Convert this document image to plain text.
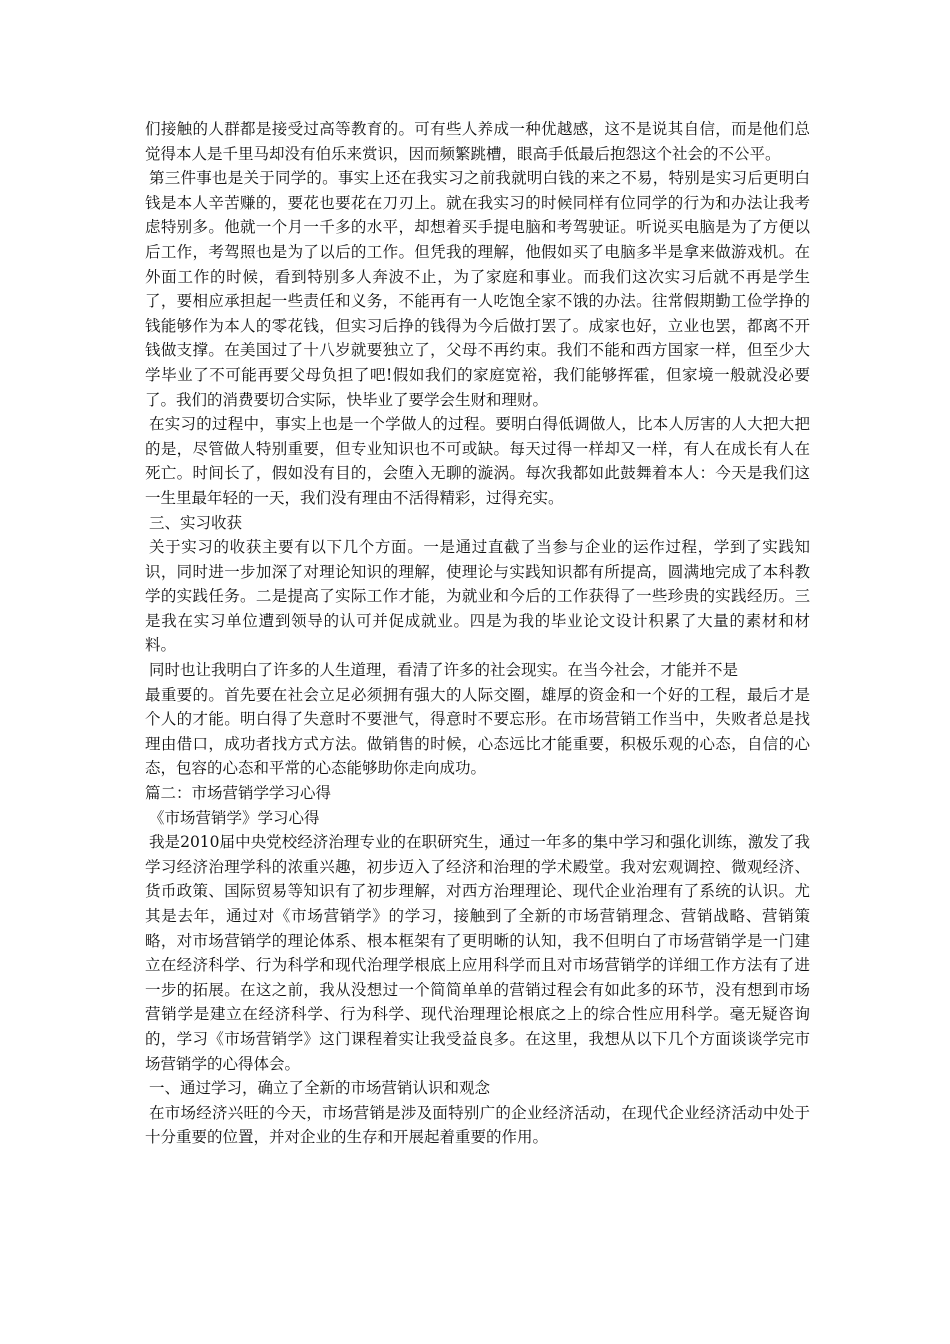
们接触的人群都是接受过高等教育的。可有些人养成一种优越感，这不是说其自信，而是他们总觉得本人是千里马却没有伯乐来赏识，因而频繁跳槽，眼高手低最后抱怨这个社会的不公平。

第三件事也是关于同学的。事实上还在我实习之前我就明白钱的来之不易，特别是实习后更明白钱是本人辛苦赚的，要花也要花在刀刃上。就在我实习的时候同样有位同学的行为和办法让我考虑特别多。他就一个月一千多的水平，却想着买手提电脑和考驾驶证。听说买电脑是为了方便以后工作，考驾照也是为了以后的工作。但凭我的理解，他假如买了电脑多半是拿来做游戏机。在外面工作的时候，看到特别多人奔波不止，为了家庭和事业。而我们这次实习后就不再是学生了，要相应承担起一些责任和义务，不能再有一人吃饱全家不饿的办法。往常假期勤工俭学挣的钱能够作为本人的零花钱，但实习后挣的钱得为今后做打罢了。成家也好，立业也罢，都离不开钱做支撑。在美国过了十八岁就要独立了，父母不再约束。我们不能和西方国家一样，但至少大学毕业了不可能再要父母负担了吧!假如我们的家庭宽裕，我们能够挥霍，但家境一般就没必要了。我们的消费要切合实际，快毕业了要学会生财和理财。

在实习的过程中，事实上也是一个学做人的过程。要明白得低调做人，比本人厉害的人大把大把的是，尽管做人特别重要，但专业知识也不可或缺。每天过得一样却又一样，有人在成长有人在死亡。时间长了，假如没有目的，会堕入无聊的漩涡。每次我都如此鼓舞着本人：今天是我们这一生里最年轻的一天，我们没有理由不活得精彩，过得充实。

三、实习收获

关于实习的收获主要有以下几个方面。一是通过直截了当参与企业的运作过程，学到了实践知识，同时进一步加深了对理论知识的理解，使理论与实践知识都有所提高，圆满地完成了本科教学的实践任务。二是提高了实际工作才能，为就业和今后的工作获得了一些珍贵的实践经历。三是我在实习单位遭到领导的认可并促成就业。四是为我的毕业论文设计积累了大量的素材和材料。

同时也让我明白了许多的人生道理，看清了许多的社会现实。在当今社会，才能并不是

最重要的。首先要在社会立足必须拥有强大的人际交圈，雄厚的资金和一个好的工程，最后才是个人的才能。明白得了失意时不要泄气，得意时不要忘形。在市场营销工作当中，失败者总是找理由借口，成功者找方式方法。做销售的时候，心态远比才能重要，积极乐观的心态，自信的心态，包容的心态和平常的心态能够助你走向成功。

篇二：市场营销学学习心得

《市场营销学》学习心得

我是2010届中央党校经济治理专业的在职研究生，通过一年多的集中学习和强化训练，激发了我学习经济治理学科的浓重兴趣，初步迈入了经济和治理的学术殿堂。我对宏观调控、微观经济、货币政策、国际贸易等知识有了初步理解，对西方治理理论、现代企业治理有了系统的认识。尤其是去年，通过对《市场营销学》的学习，接触到了全新的市场营销理念、营销战略、营销策略，对市场营销学的理论体系、根本框架有了更明晰的认知，我不但明白了市场营销学是一门建立在经济科学、行为科学和现代治理学根底上应用科学而且对市场营销学的详细工作方法有了进一步的拓展。在这之前，我从没想过一个简简单单的营销过程会有如此多的环节，没有想到市场营销学是建立在经济科学、行为科学、现代治理理论根底之上的综合性应用科学。毫无疑咨询的，学习《市场营销学》这门课程着实让我受益良多。在这里，我想从以下几个方面谈谈学完市场营销学的心得体会。

一、通过学习，确立了全新的市场营销认识和观念

在市场经济兴旺的今天，市场营销是涉及面特别广的企业经济活动，在现代企业经济活动中处于十分重要的位置，并对企业的生存和开展起着重要的作用。
